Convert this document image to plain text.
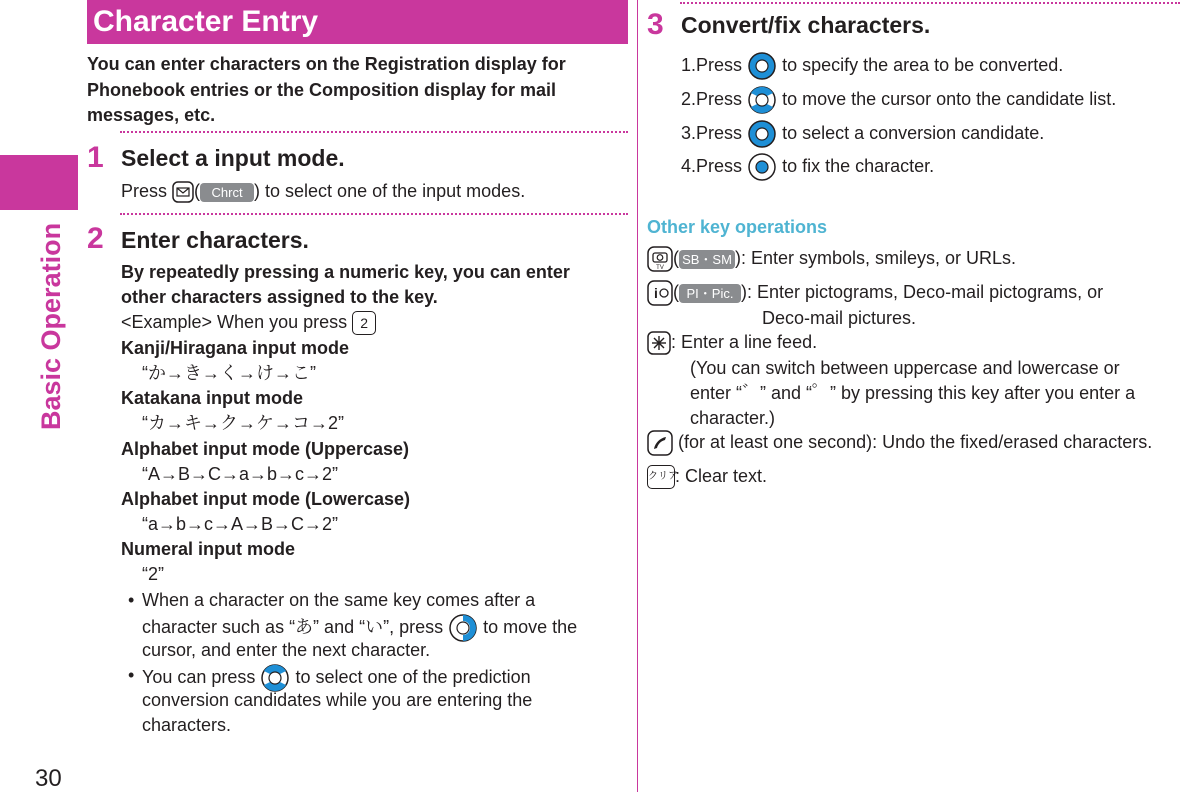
Basic Operation
30
Character Entry
You can enter characters on the Registration display for Phonebook entries or the Composition display for mail messages, etc.
1 Select a input mode.
Press ( Chrct ) to select one of the input modes.
2 Enter characters.
By repeatedly pressing a numeric key, you can enter
other characters assigned to the key.
<Example> When you press 2
Kanji/Hiragana input mode
“か→き→く→け→こ”
Katakana input mode
“カ→キ→ク→ケ→コ→2”
Alphabet input mode (Uppercase)
“A→B→C→a→b→c→2”
Alphabet input mode (Lowercase)
“a→b→c→A→B→C→2”
Numeral input mode
“2”
• When a character on the same key comes after a
character such as “あ” and “い”, press to move the
cursor, and enter the next character.
• You can press to select one of the prediction
conversion candidates while you are entering the
characters.
3 Convert/fix characters.
1.Press to specify the area to be converted.
2.Press to move the cursor onto the candidate list.
3.Press to select a conversion candidate.
4.Press to fix the character.
Other key operations
TV
( SB・SM ): Enter symbols, smileys, or URLs.
i ( PI・Pic. ): Enter pictograms, Deco-mail pictograms, or
Deco-mail pictures.
: Enter a line feed.
(You can switch between uppercase and lowercase or
enter “゛” and “゜” by pressing this key after you enter a
character.)
(for at least one second): Undo the fixed/erased characters.
クリア: Clear text.
